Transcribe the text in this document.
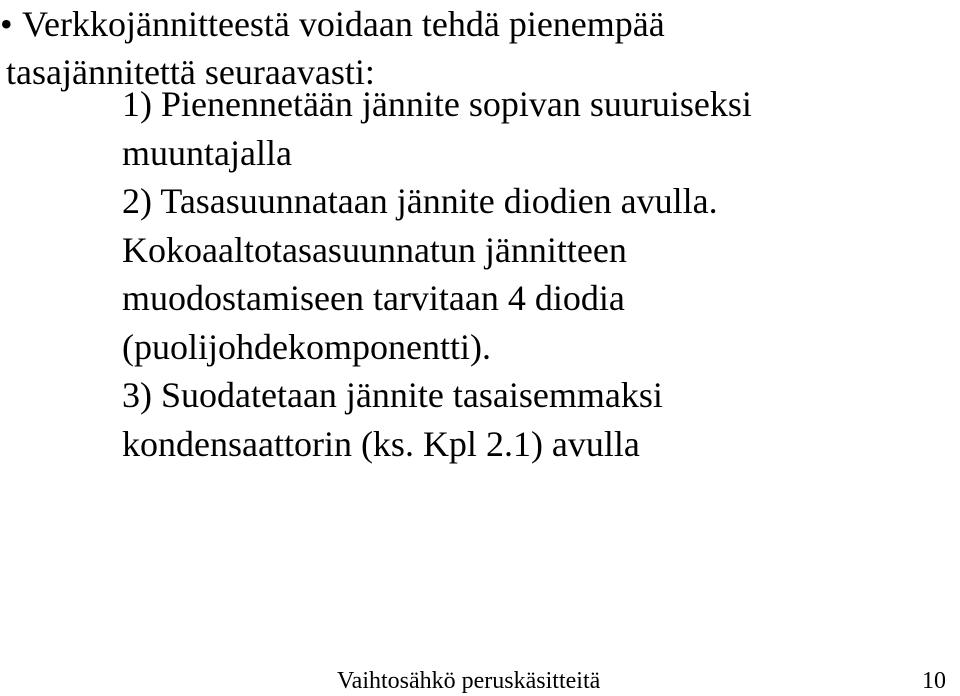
• Verkkojännitteestä voidaan tehdä pienempää
tasajännitettä seuraavasti:
1) Pienennetään jännite sopivan suuruiseksi
muuntajalla
2) Tasasuunnataan jännite diodien avulla.
Kokoaaltotasasuunnatun jännitteen
muodostamiseen tarvitaan 4 diodia
(puolijohdekomponentti).
3) Suodatetaan jännite tasaisemmaksi
kondensaattorin (ks. Kpl 2.1) avulla
Vaihtosähkö peruskäsitteitä	10
